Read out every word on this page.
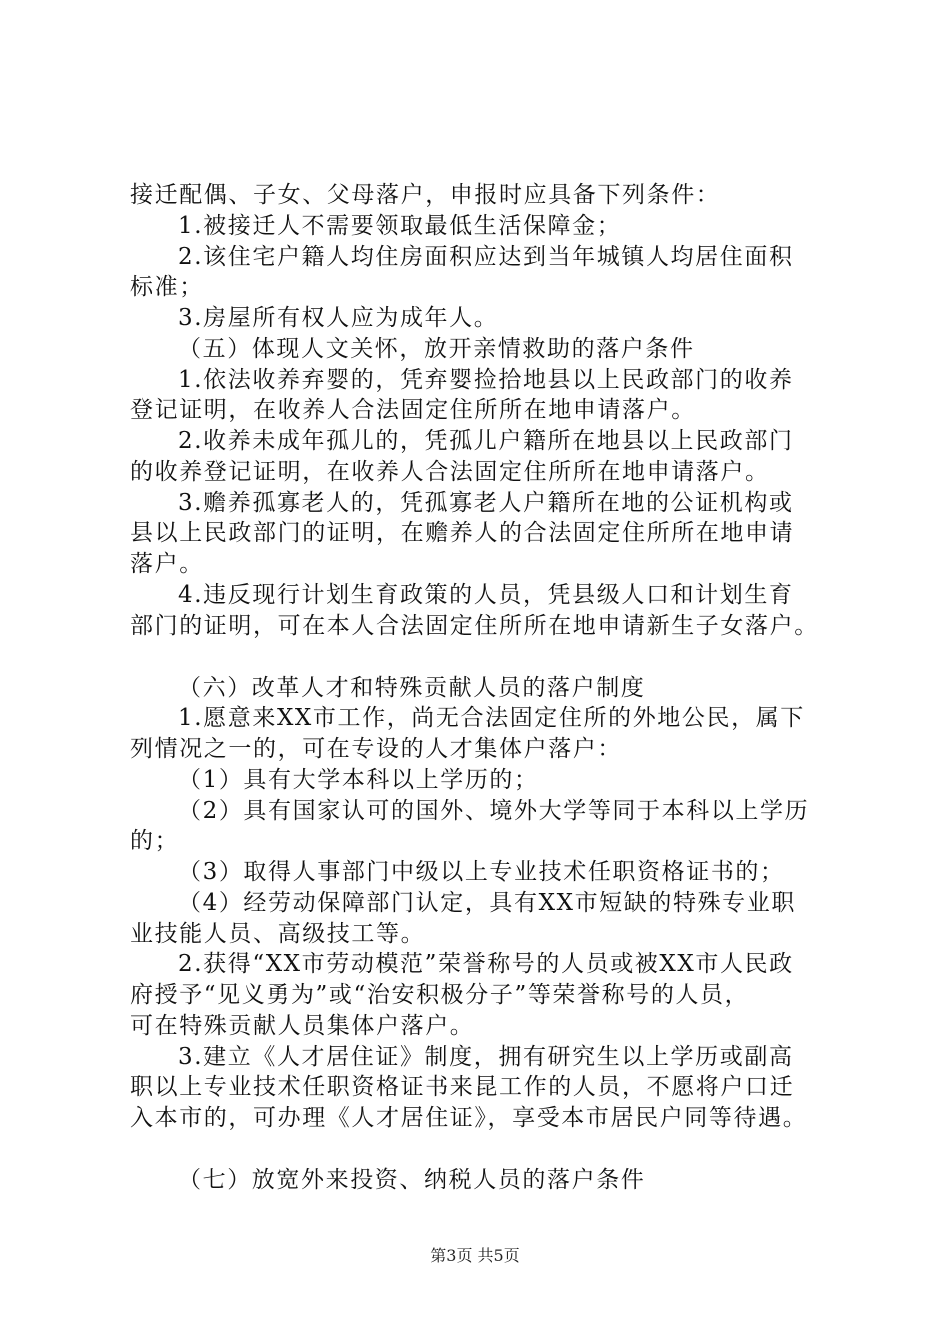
接迁配偶、子女、父母落户，申报时应具备下列条件：
1.被接迁人不需要领取最低生活保障金；
2.该住宅户籍人均住房面积应达到当年城镇人均居住面积
标准；
3.房屋所有权人应为成年人。
（五）体现人文关怀，放开亲情救助的落户条件
1.依法收养弃婴的，凭弃婴捡拾地县以上民政部门的收养
登记证明，在收养人合法固定住所所在地申请落户。
2.收养未成年孤儿的，凭孤儿户籍所在地县以上民政部门
的收养登记证明，在收养人合法固定住所所在地申请落户。
3.赡养孤寡老人的，凭孤寡老人户籍所在地的公证机构或
县以上民政部门的证明，在赡养人的合法固定住所所在地申请
落户。
4.违反现行计划生育政策的人员，凭县级人口和计划生育
部门的证明，可在本人合法固定住所所在地申请新生子女落户。
（六）改革人才和特殊贡献人员的落户制度
1.愿意来XX市工作，尚无合法固定住所的外地公民，属下
列情况之一的，可在专设的人才集体户落户：
（1）具有大学本科以上学历的；
（2）具有国家认可的国外、境外大学等同于本科以上学历
的；
（3）取得人事部门中级以上专业技术任职资格证书的；
（4）经劳动保障部门认定，具有XX市短缺的特殊专业职
业技能人员、高级技工等。
2.获得“XX市劳动模范”荣誉称号的人员或被XX市人民政
府授予“见义勇为”或“治安积极分子”等荣誉称号的人员，
可在特殊贡献人员集体户落户。
3.建立《人才居住证》制度，拥有研究生以上学历或副高
职以上专业技术任职资格证书来昆工作的人员，不愿将户口迁
入本市的，可办理《人才居住证》，享受本市居民户同等待遇。
（七）放宽外来投资、纳税人员的落户条件
第3页 共5页
